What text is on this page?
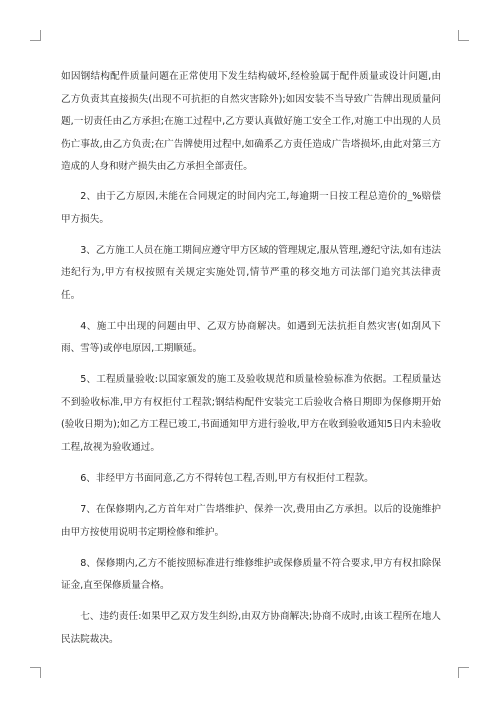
如因钢结构配件质量问题在正常使用下发生结构破坏,经检验属于配件质量或设计问题,由乙方负责其直接损失(出现不可抗拒的自然灾害除外);如因安装不当导致广告牌出现质量问题,一切责任由乙方承担;在施工过程中,乙方要认真做好施工安全工作,对施工中出现的人员伤亡事故,由乙方负责;在广告牌使用过程中,如确系乙方责任造成广告塔损坏,由此对第三方造成的人身和财产损失由乙方承担全部责任。

2、由于乙方原因,未能在合同规定的时间内完工,每逾期一日按工程总造价的_%赔偿甲方损失。

3、乙方施工人员在施工期间应遵守甲方区域的管理规定,服从管理,遵纪守法,如有违法违纪行为,甲方有权按照有关规定实施处罚,情节严重的移交地方司法部门追究其法律责任。

4、施工中出现的问题由甲、乙双方协商解决。如遇到无法抗拒自然灾害(如刮风下雨、雪等)或停电原因,工期顺延。

5、工程质量验收:以国家颁发的施工及验收规范和质量检验标准为依据。工程质量达不到验收标准,甲方有权拒付工程款;钢结构配件安装完工后验收合格日期即为保修期开始(验收日期为);如乙方工程已竣工,书面通知甲方进行验收,甲方在收到验收通知5日内未验收工程,故视为验收通过。

6、非经甲方书面同意,乙方不得转包工程,否则,甲方有权拒付工程款。

7、在保修期内,乙方首年对广告塔维护、保养一次,费用由乙方承担。以后的设施维护由甲方按使用说明书定期检修和维护。

8、保修期内,乙方不能按照标准进行维修维护或保修质量不符合要求,甲方有权扣除保证金,直至保修质量合格。

七、违约责任:如果甲乙双方发生纠纷,由双方协商解决;协商不成时,由该工程所在地人民法院裁决。
